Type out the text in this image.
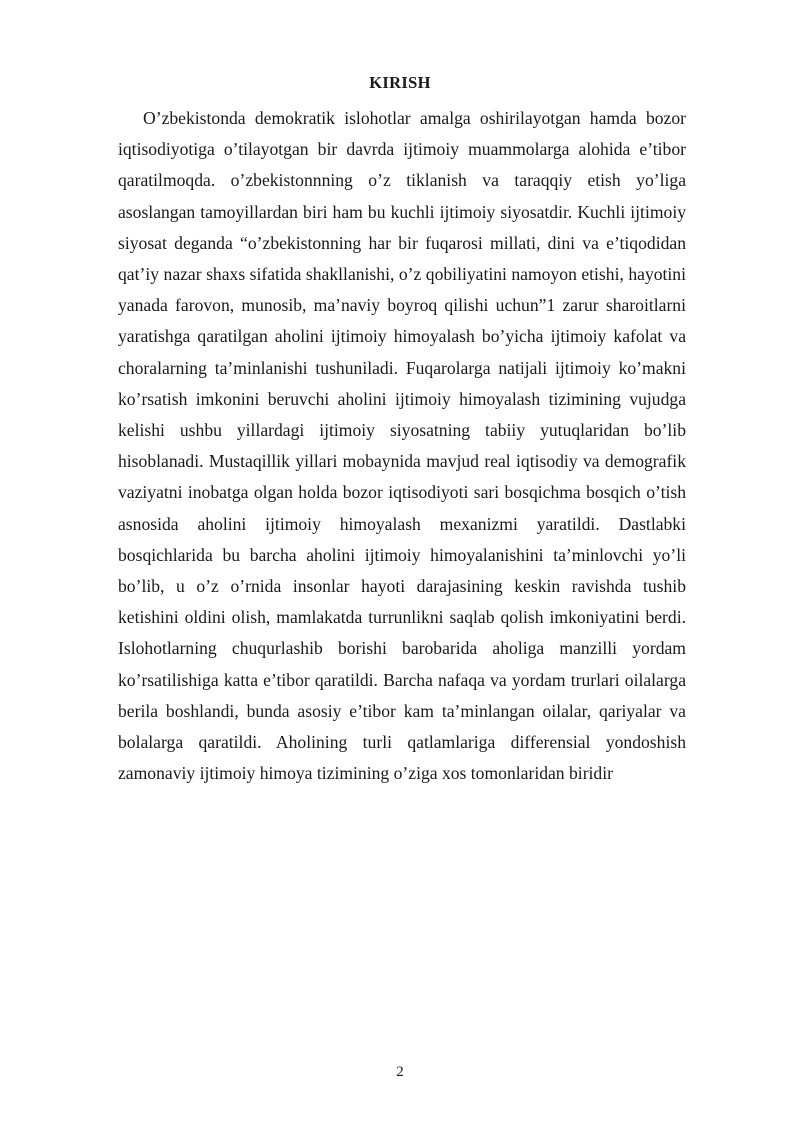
KIRISH

O’zbekistonda demokratik islohotlar amalga oshirilayotgan hamda bozor iqtisodiyotiga o’tilayotgan bir davrda ijtimoiy muammolarga alohida e’tibor qaratilmoqda. o’zbekistonnning o’z tiklanish va taraqqiy etish yo’liga asoslangan tamoyillardan biri ham bu kuchli ijtimoiy siyosatdir. Kuchli ijtimoiy siyosat deganda “o’zbekistonning har bir fuqarosi millati, dini va e’tiqodidan qat’iy nazar shaxs sifatida shakllanishi, o’z qobiliyatini namoyon etishi, hayotini yanada farovon, munosib, ma’naviy boyroq qilishi uchun”1 zarur sharoitlarni yaratishga qaratilgan aholini ijtimoiy himoyalash bo’yicha ijtimoiy kafolat va choralarning ta’minlanishi tushuniladi. Fuqarolarga natijali ijtimoiy ko’makni ko’rsatish imkonini beruvchi aholini ijtimoiy himoyalash tizimining vujudga kelishi ushbu yillardagi ijtimoiy siyosatning tabiiy yutuqlaridan bo’lib hisoblanadi. Mustaqillik yillari mobaynida mavjud real iqtisodiy va demografik vaziyatni inobatga olgan holda bozor iqtisodiyoti sari bosqichma bosqich o’tish asnosida aholini ijtimoiy himoyalash mexanizmi yaratildi. Dastlabki bosqichlarida bu barcha aholini ijtimoiy himoyalanishini ta’minlovchi yo’li bo’lib, u o’z o’rnida insonlar hayoti darajasining keskin ravishda tushib ketishini oldini olish, mamlakatda turrunlikni saqlab qolish imkoniyatini berdi. Islohotlarning chuqurlashib borishi barobarida aholiga manzilli yordam ko’rsatilishiga katta e’tibor qaratildi. Barcha nafaqa va yordam trurlari oilalarga berila boshlandi, bunda asosiy e’tibor kam ta’minlangan oilalar, qariyalar va bolalarga qaratildi. Aholining turli qatlamlariga differensial yondoshish zamonaviy ijtimoiy himoya tizimining o’ziga xos tomonlaridan biridir

2
